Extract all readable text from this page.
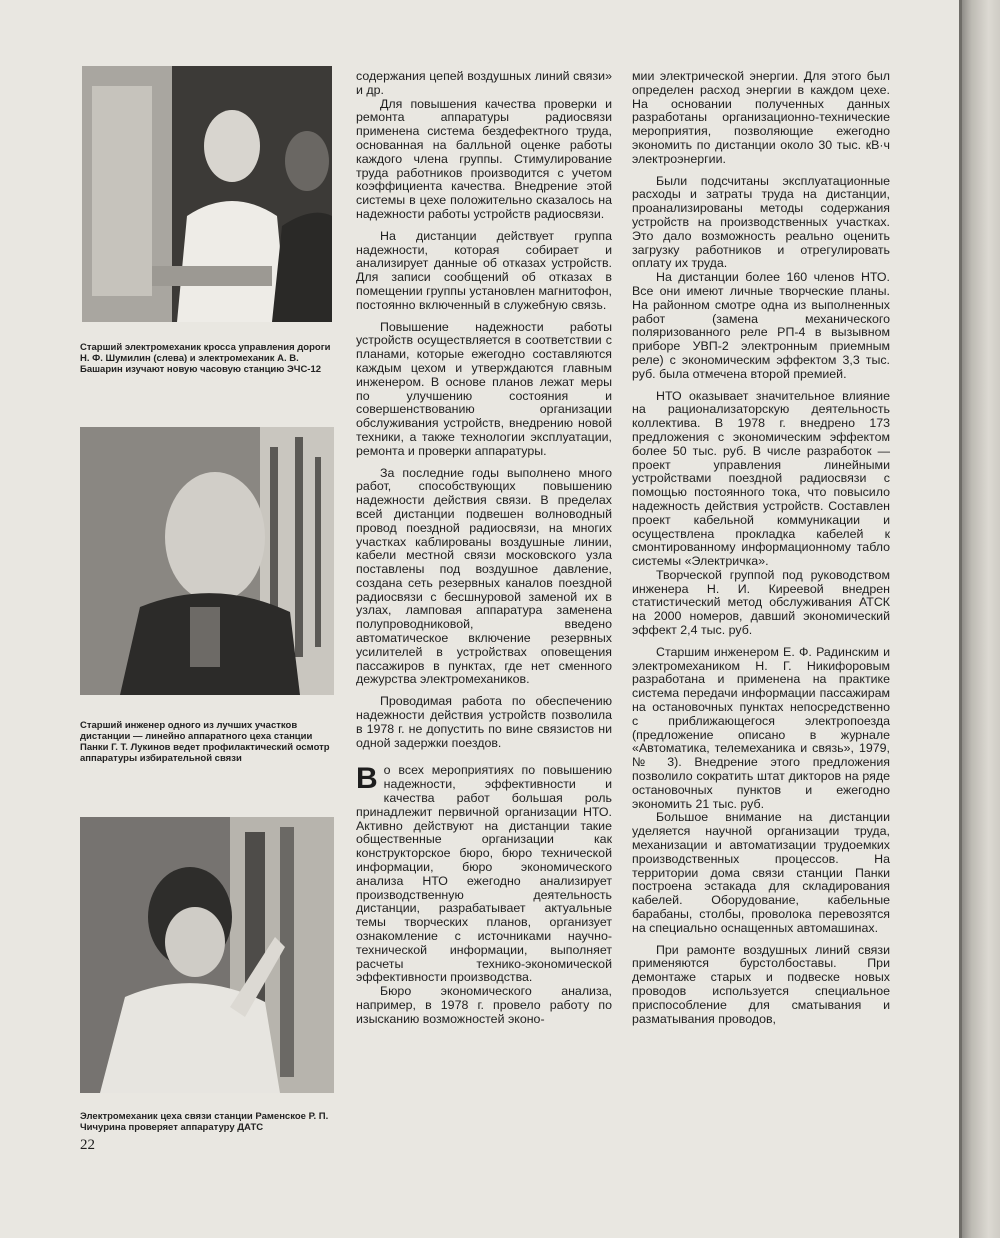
Старший электромеханик кросса управления дороги Н. Ф. Шумилин (слева) и электромеханик А. В. Башарин изучают новую часовую станцию ЭЧС-12
Старший инженер одного из лучших участков дистанции — линейно аппаратного цеха станции Панки Г. Т. Лукинов ведет профилактический осмотр аппаратуры избирательной связи
Электромеханик цеха связи станции Раменское Р. П. Чичурина проверяет аппаратуру ДАТС

содержания цепей воздушных линий связи» и др.

Для повышения качества проверки и ремонта аппаратуры радиосвязи применена система бездефектного труда, основанная на балльной оценке работы каждого члена группы. Стимулирование труда работников производится с учетом коэффициента качества. Внедрение этой системы в цехе положительно сказалось на надежности работы устройств радиосвязи.

На дистанции действует группа надежности, которая собирает и анализирует данные об отказах устройств. Для записи сообщений об отказах в помещении группы установлен магнитофон, постоянно включенный в служебную связь.

Повышение надежности работы устройств осуществляется в соответствии с планами, которые ежегодно составляются каждым цехом и утверждаются главным инженером. В основе планов лежат меры по улучшению состояния и совершенствованию организации обслуживания устройств, внедрению новой техники, а также технологии эксплуатации, ремонта и проверки аппаратуры.

За последние годы выполнено много работ, способствующих повышению надежности действия связи. В пределах всей дистанции подвешен волноводный провод поездной радиосвязи, на многих участках каблированы воздушные линии, кабели местной связи московского узла поставлены под воздушное давление, создана сеть резервных каналов поездной радиосвязи с бесшнуровой заменой их в узлах, ламповая аппаратура заменена полупроводниковой, введено автоматическое включение резервных усилителей в устройствах оповещения пассажиров в пунктах, где нет сменного дежурства электромехаников.

Проводимая работа по обеспечению надежности действия устройств позволила в 1978 г. не допустить по вине связистов ни одной задержки поездов.

Во всех мероприятиях по повышению надежности, эффективности и качества работ большая роль принадлежит первичной организации НТО. Активно действуют на дистанции такие общественные организации как конструкторское бюро, бюро технической информации, бюро экономического анализа НТО ежегодно анализирует производственную деятельность дистанции, разрабатывает актуальные темы творческих планов, организует ознакомление с источниками научно-технической информации, выполняет расчеты технико-экономической эффективности производства.

Бюро экономического анализа, например, в 1978 г. провело работу по изысканию возможностей эконо-

мии электрической энергии. Для этого был определен расход энергии в каждом цехе. На основании полученных данных разработаны организационно-технические мероприятия, позволяющие ежегодно экономить по дистанции около 30 тыс. кВ·ч электроэнергии.

Были подсчитаны эксплуатационные расходы и затраты труда на дистанции, проанализированы методы содержания устройств на производственных участках. Это дало возможность реально оценить загрузку работников и отрегулировать оплату их труда.

На дистанции более 160 членов НТО. Все они имеют личные творческие планы. На районном смотре одна из выполненных работ (замена механического поляризованного реле РП-4 в вызывном приборе УВП-2 электронным приемным реле) с экономическим эффектом 3,3 тыс. руб. была отмечена второй премией.

НТО оказывает значительное влияние на рационализаторскую деятельность коллектива. В 1978 г. внедрено 173 предложения с экономическим эффектом более 50 тыс. руб. В числе разработок — проект управления линейными устройствами поездной радиосвязи с помощью постоянного тока, что повысило надежность действия устройств. Составлен проект кабельной коммуникации и осуществлена прокладка кабелей к смонтированному информационному табло системы «Электричка».

Творческой группой под руководством инженера Н. И. Киреевой внедрен статистический метод обслуживания АТСК на 2000 номеров, давший экономический эффект 2,4 тыс. руб.

Старшим инженером Е. Ф. Радинским и электромехаником Н. Г. Никифоровым разработана и применена на практике система передачи информации пассажирам на остановочных пунктах непосредственно с приближающегося электропоезда (предложение описано в журнале «Автоматика, телемеханика и связь», 1979, № 3). Внедрение этого предложения позволило сократить штат дикторов на ряде остановочных пунктов и ежегодно экономить 21 тыс. руб.

Большое внимание на дистанции уделяется научной организации труда, механизации и автоматизации трудоемких производственных процессов. На территории дома связи станции Панки построена эстакада для складирования кабелей. Оборудование, кабельные барабаны, столбы, проволока перевозятся на специально оснащенных автомашинах.

При рамонте воздушных линий связи применяются бурстолбоставы. При демонтаже старых и подвеске новых проводов используется специальное приспособление для сматывания и разматывания проводов,

22
